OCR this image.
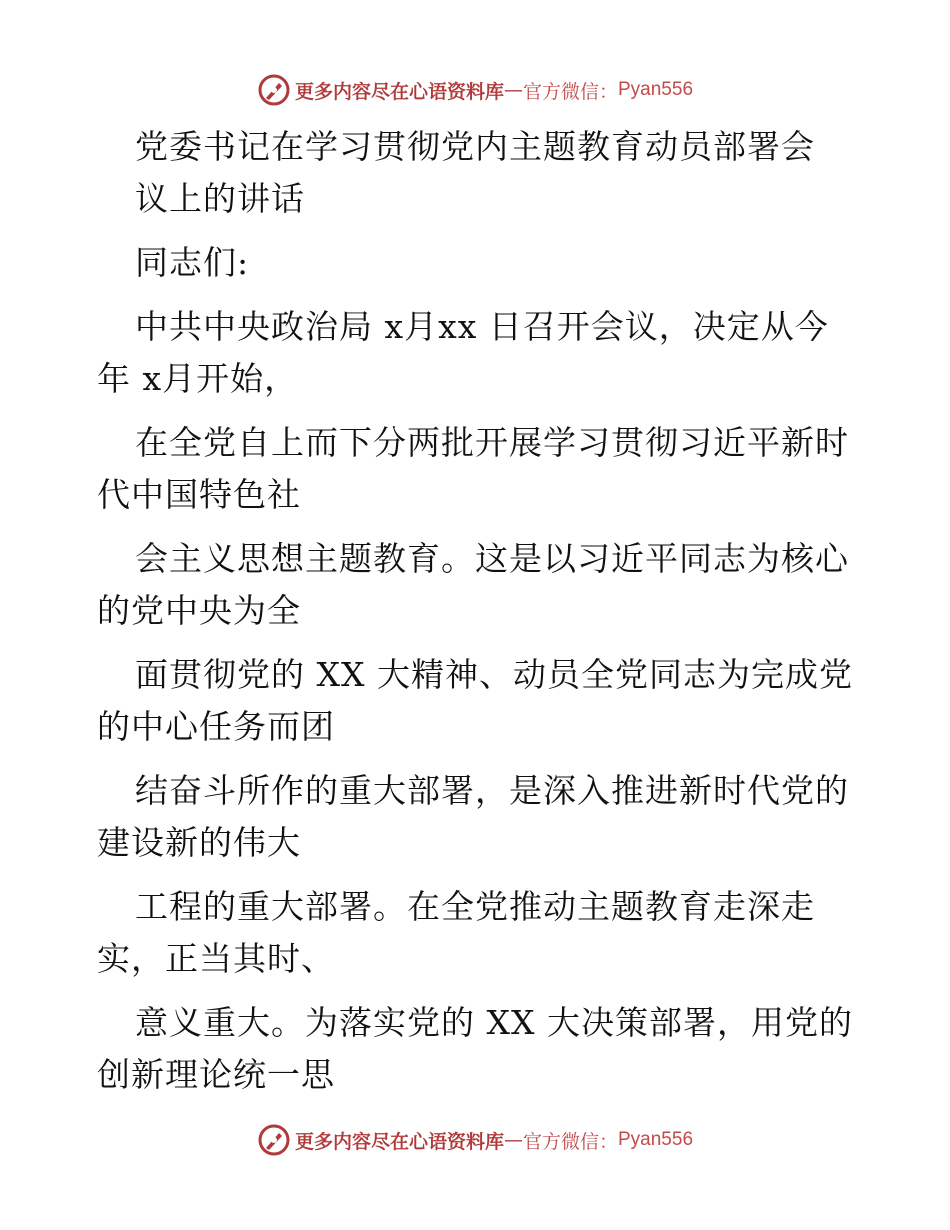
更多内容尽在心语资料库 — 官方微信： Pyan556
党委书记在学习贯彻党内主题教育动员部署会
议上的讲话
同志们:
中共中央政治局 x月xx 日召开会议，决定从今
年 x月开始，
在全党自上而下分两批开展学习贯彻习近平新时
代中国特色社
会主义思想主题教育。这是以习近平同志为核心
的党中央为全
面贯彻党的 XX 大精神、动员全党同志为完成党
的中心任务而团
结奋斗所作的重大部署，是深入推进新时代党的
建设新的伟大
工程的重大部署。在全党推动主题教育走深走
实，正当其时、
意义重大。为落实党的 XX 大决策部署，用党的
创新理论统一思
更多内容尽在心语资料库 — 官方微信： Pyan556
